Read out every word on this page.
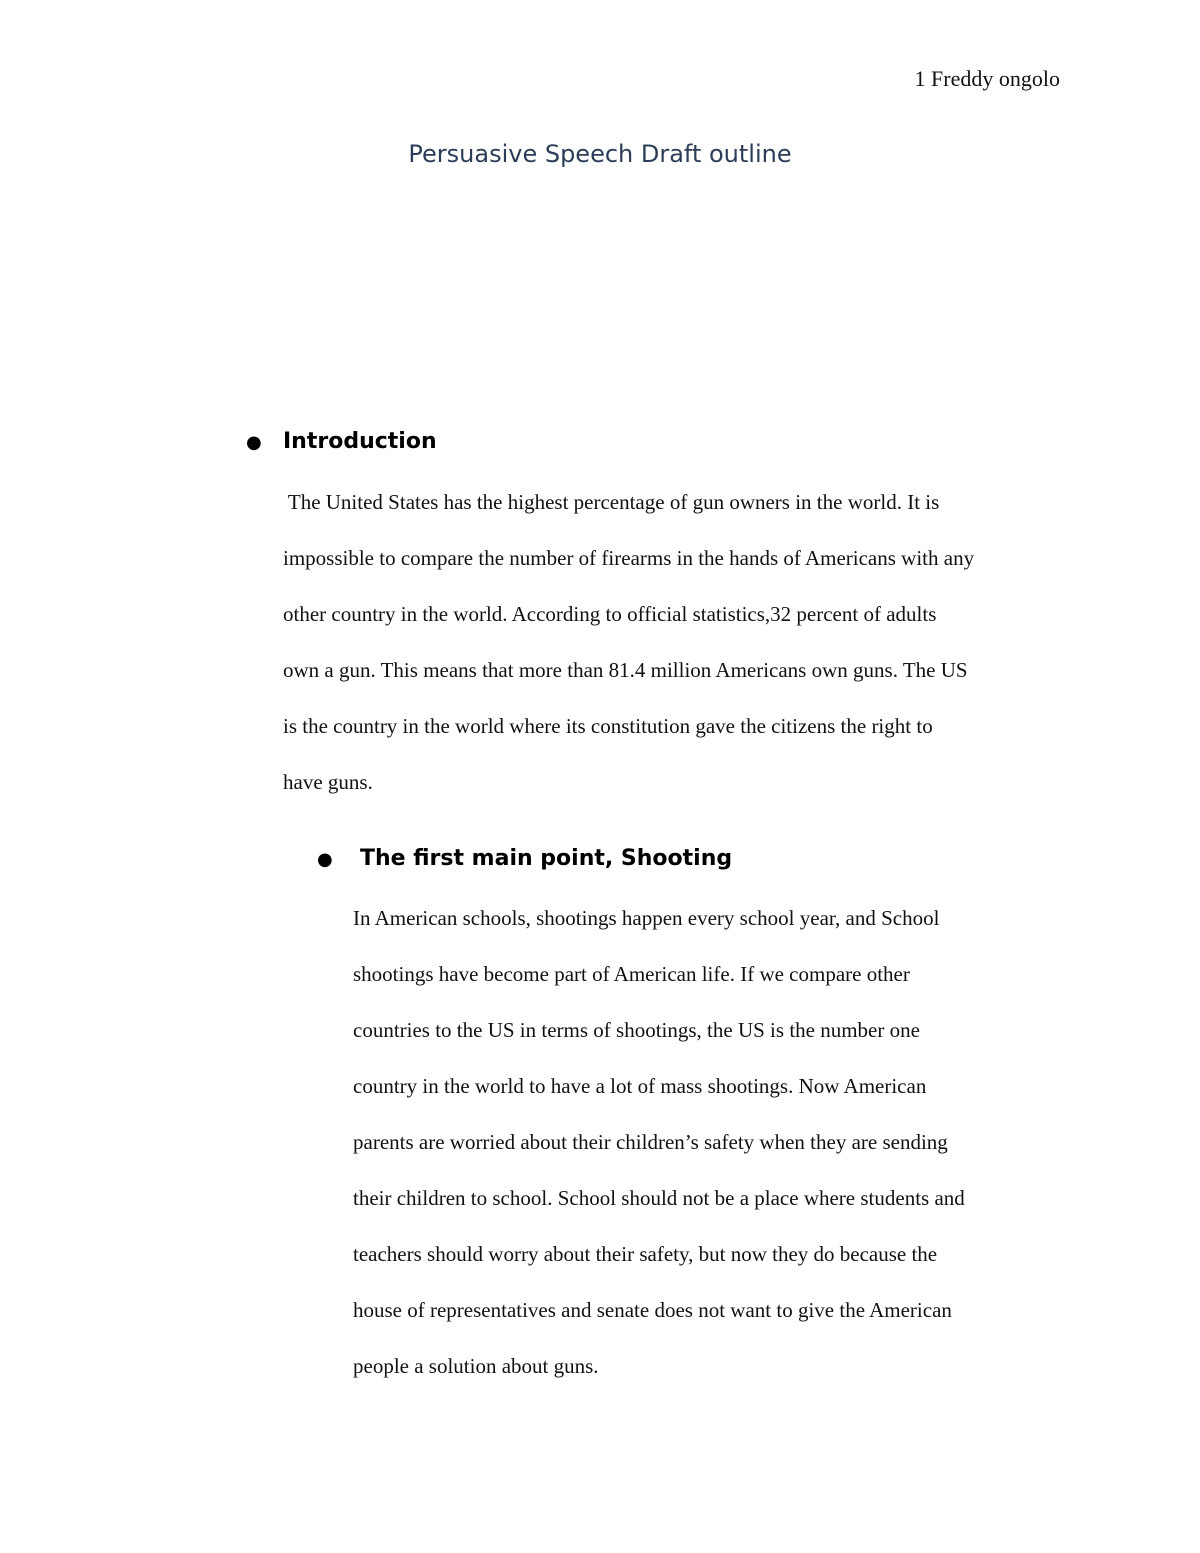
1 Freddy ongolo
Persuasive Speech Draft outline
● Introduction
The United States has the highest percentage of gun owners in the world. It is
impossible to compare the number of firearms in the hands of Americans with any
other country in the world. According to official statistics,32 percent of adults
own a gun. This means that more than 81.4 million Americans own guns. The US
is the country in the world where its constitution gave the citizens the right to
have guns.
● The first main point, Shooting
In American schools, shootings happen every school year, and School
shootings have become part of American life. If we compare other
countries to the US in terms of shootings, the US is the number one
country in the world to have a lot of mass shootings. Now American
parents are worried about their children’s safety when they are sending
their children to school. School should not be a place where students and
teachers should worry about their safety, but now they do because the
house of representatives and senate does not want to give the American
people a solution about guns.
